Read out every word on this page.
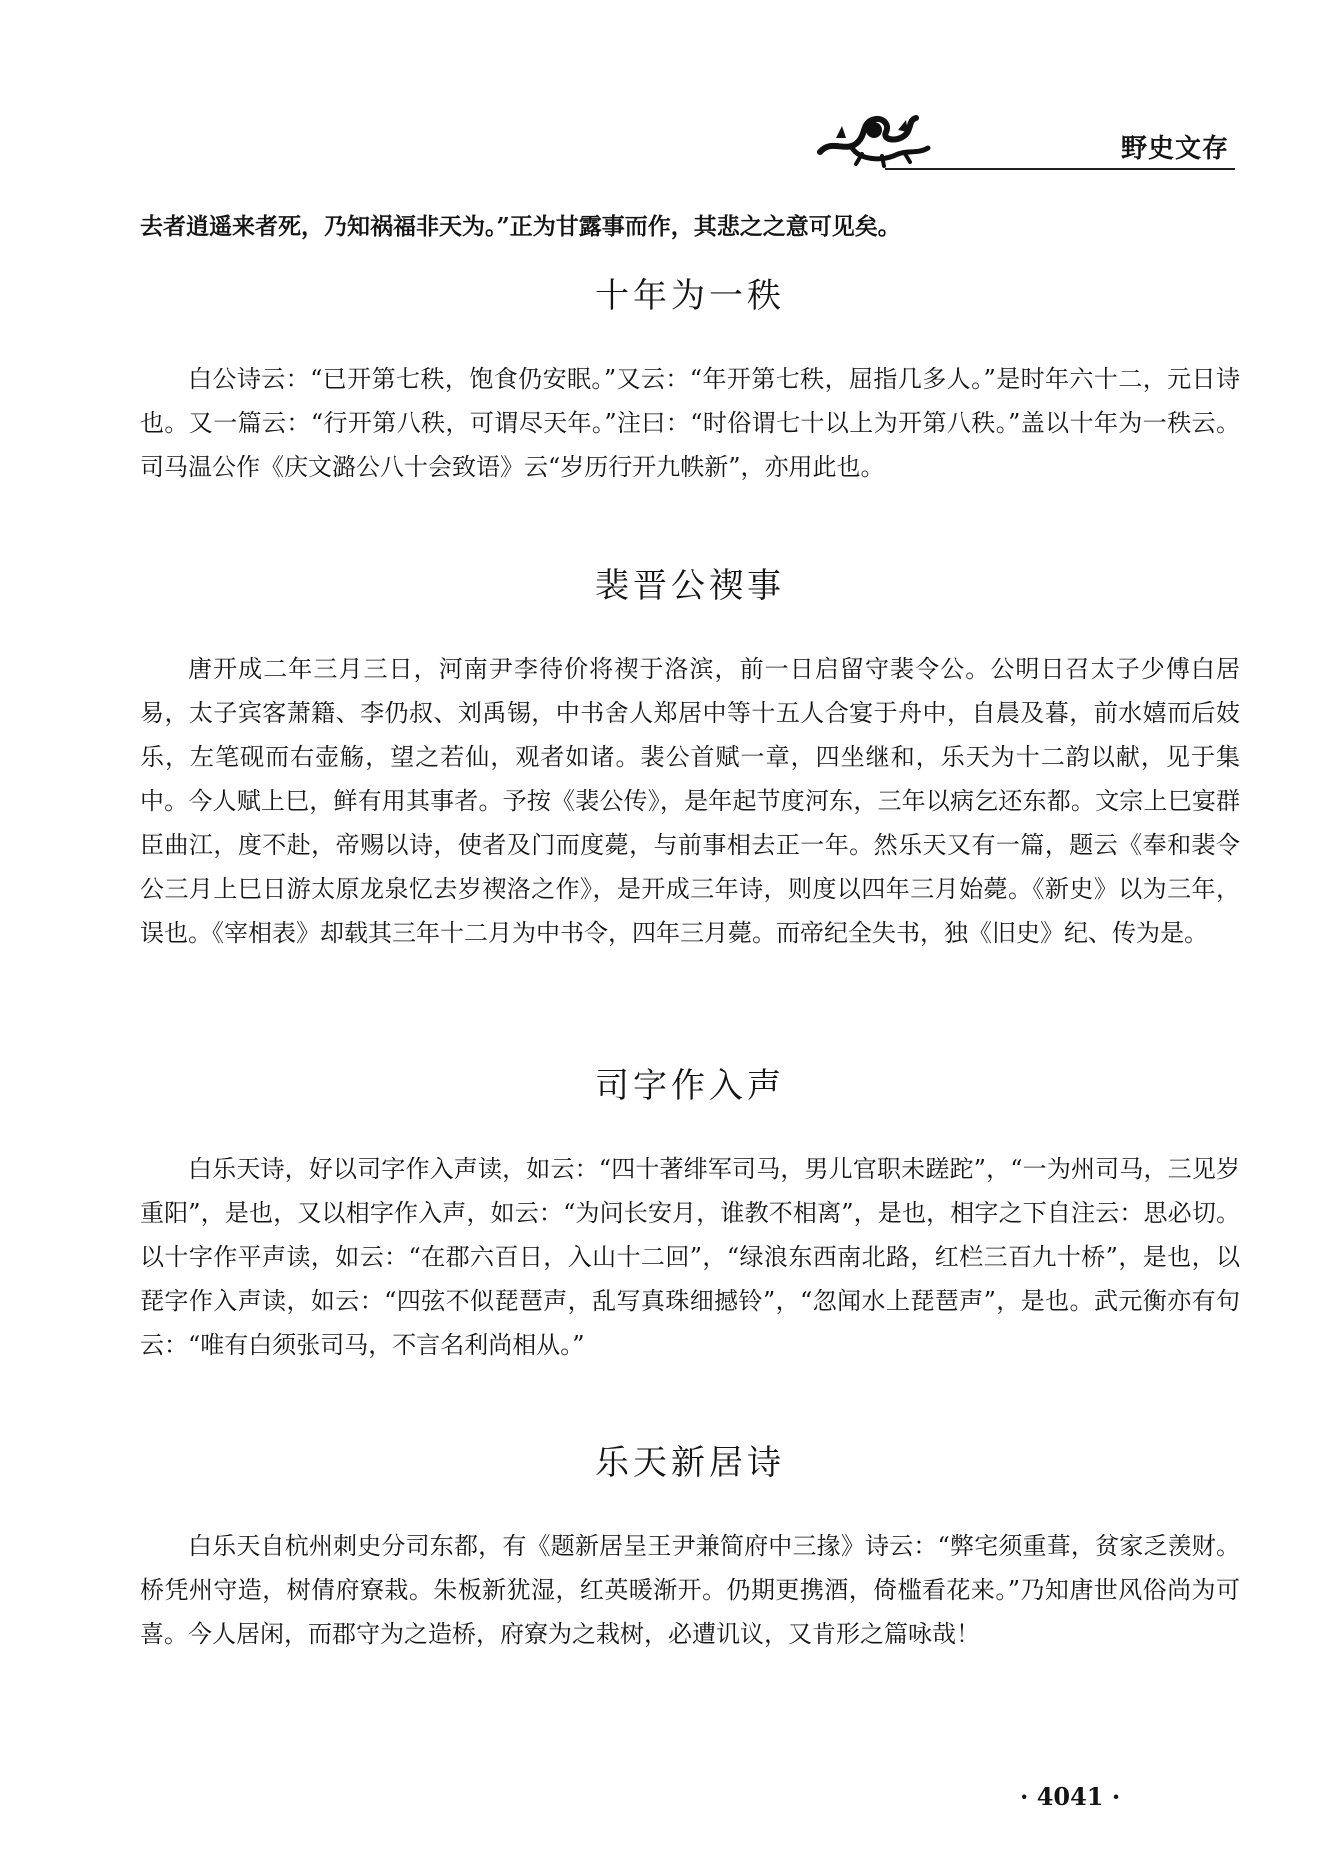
野史文存

去者逍遥来者死，乃知祸福非天为。”正为甘露事而作，其悲之之意可见矣。

十年为一秩

白公诗云：“已开第七秩，饱食仍安眠。”又云：“年开第七秩，屈指几多人。”是时年六十二，元日诗也。又一篇云：“行开第八秩，可谓尽天年。”注曰：“时俗谓七十以上为开第八秩。”盖以十年为一秩云。司马温公作《庆文潞公八十会致语》云“岁历行开九帙新”，亦用此也。

裴晋公禊事

唐开成二年三月三日，河南尹李待价将禊于洛滨，前一日启留守裴令公。公明日召太子少傅白居易，太子宾客萧籍、李仍叔、刘禹锡，中书舍人郑居中等十五人合宴于舟中，自晨及暮，前水嬉而后妓乐，左笔砚而右壶觞，望之若仙，观者如诸。裴公首赋一章，四坐继和，乐天为十二韵以献，见于集中。今人赋上巳，鲜有用其事者。予按《裴公传》，是年起节度河东，三年以病乞还东都。文宗上巳宴群臣曲江，度不赴，帝赐以诗，使者及门而度薨，与前事相去正一年。然乐天又有一篇，题云《奉和裴令公三月上巳日游太原龙泉忆去岁禊洛之作》，是开成三年诗，则度以四年三月始薨。《新史》以为三年，误也。《宰相表》却载其三年十二月为中书令，四年三月薨。而帝纪全失书，独《旧史》纪、传为是。

司字作入声

白乐天诗，好以司字作入声读，如云：“四十著绯军司马，男儿官职未蹉跎”，“一为州司马，三见岁重阳”，是也，又以相字作入声，如云：“为问长安月，谁教不相离”，是也，相字之下自注云：思必切。以十字作平声读，如云：“在郡六百日，入山十二回”，“绿浪东西南北路，红栏三百九十桥”，是也，以琵字作入声读，如云：“四弦不似琵琶声，乱写真珠细撼铃”，“忽闻水上琵琶声”，是也。武元衡亦有句云：“唯有白须张司马，不言名利尚相从。”

乐天新居诗

白乐天自杭州刺史分司东都，有《题新居呈王尹兼简府中三掾》诗云：“弊宅须重葺，贫家乏羡财。桥凭州守造，树倩府寮栽。朱板新犹湿，红英暖渐开。仍期更携酒，倚槛看花来。”乃知唐世风俗尚为可喜。今人居闲，而郡守为之造桥，府寮为之栽树，必遭讥议，又肯形之篇咏哉！

· 4041 ·
